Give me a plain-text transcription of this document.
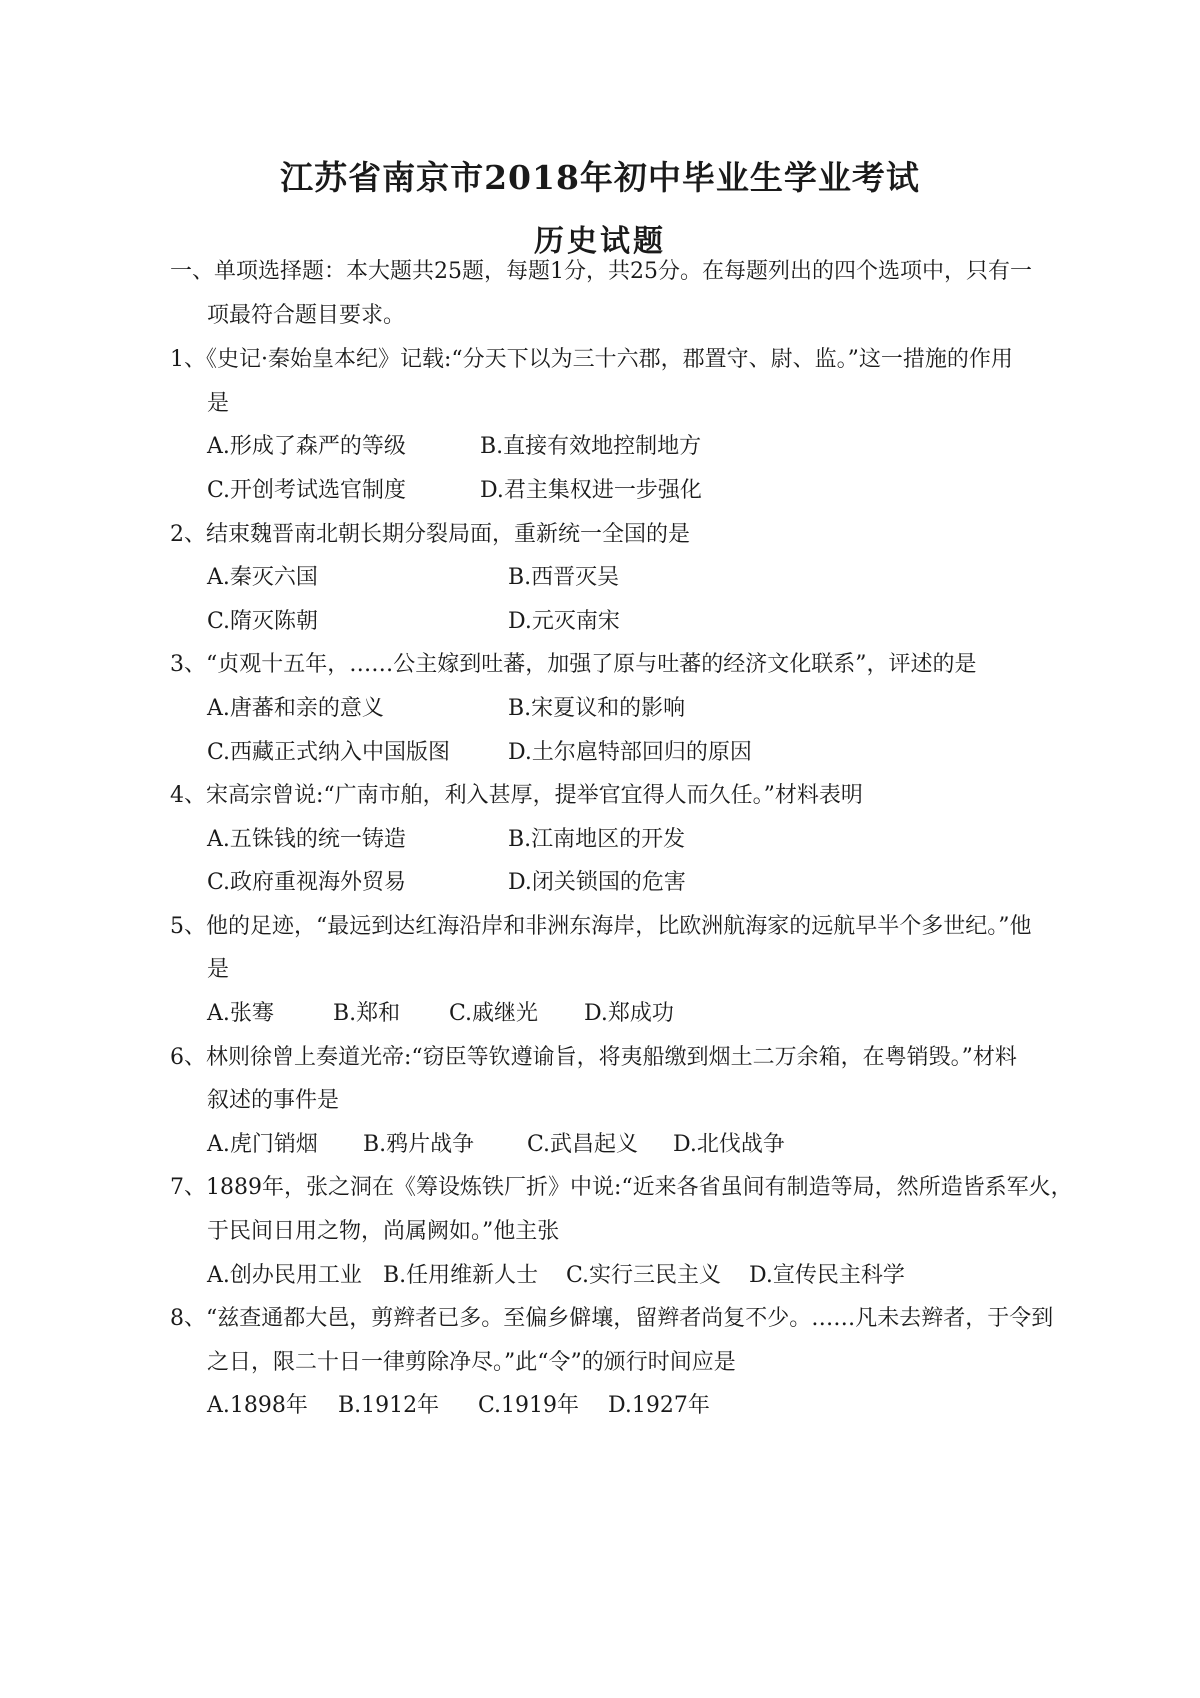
江苏省南京市2018年初中毕业生学业考试
历史试题
一、单项选择题：本大题共25题，每题1分，共25分。在每题列出的四个选项中，只有一
项最符合题目要求。
1、《史记·秦始皇本纪》记载:“分天下以为三十六郡，郡置守、尉、监。”这一措施的作用
是
A.形成了森严的等级	B.直接有效地控制地方
C.开创考试选官制度	D.君主集权进一步强化
2、结束魏晋南北朝长期分裂局面，重新统一全国的是
A.秦灭六国	B.西晋灭吴
C.隋灭陈朝	D.元灭南宋
3、“贞观十五年，……公主嫁到吐蕃，加强了原与吐蕃的经济文化联系”，评述的是
A.唐蕃和亲的意义	B.宋夏议和的影响
C.西藏正式纳入中国版图	D.土尔扈特部回归的原因
4、宋高宗曾说:“广南市舶，利入甚厚，提举官宜得人而久任。”材料表明
A.五铢钱的统一铸造	B.江南地区的开发
C.政府重视海外贸易	D.闭关锁国的危害
5、他的足迹，“最远到达红海沿岸和非洲东海岸，比欧洲航海家的远航早半个多世纪。”他
是
A.张骞	B.郑和 C.戚继光 D.郑成功
6、林则徐曾上奏道光帝:“窃臣等钦遵谕旨，将夷船缴到烟土二万余箱，在粤销毁。”材料
叙述的事件是
A.虎门销烟 B.鸦片战争 C.武昌起义 D.北伐战争
7、1889年，张之洞在《筹设炼铁厂折》中说:“近来各省虽间有制造等局，然所造皆系军火，
于民间日用之物，尚属阙如。”他主张
A.创办民用工业 B.任用维新人士 C.实行三民主义 D.宣传民主科学
8、“兹查通都大邑，剪辫者已多。至偏乡僻壤，留辫者尚复不少。……凡未去辫者，于令到
之日，限二十日一律剪除净尽。”此“令”的颁行时间应是
A.1898年 B.1912年 C.1919年 D.1927年
